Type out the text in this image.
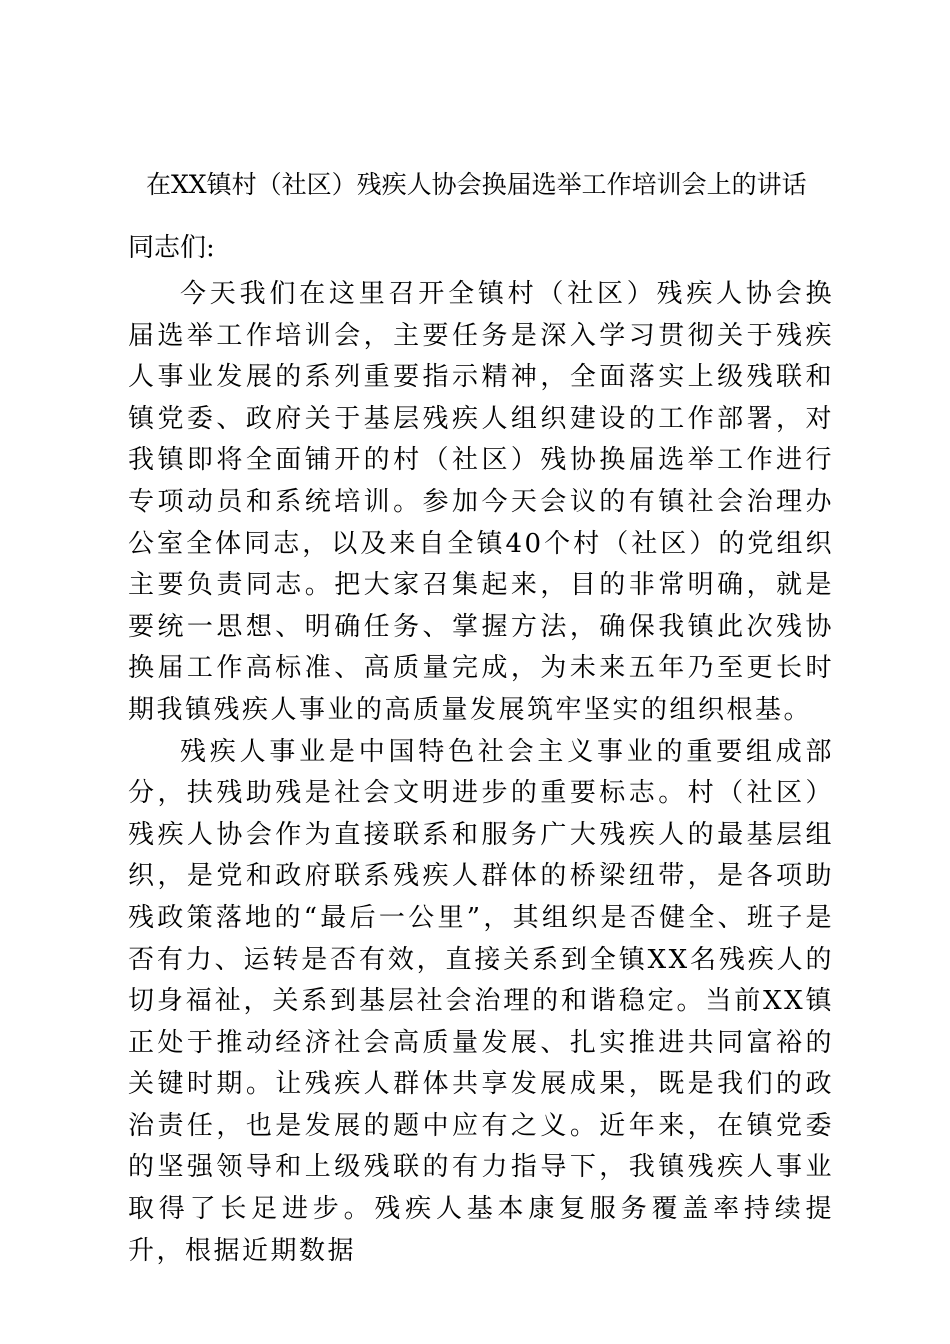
在XX镇村（社区）残疾人协会换届选举工作培训会上的讲话

同志们:

今天我们在这里召开全镇村（社区）残疾人协会换届选举工作培训会，主要任务是深入学习贯彻关于残疾人事业发展的系列重要指示精神，全面落实上级残联和镇党委、政府关于基层残疾人组织建设的工作部署，对我镇即将全面铺开的村（社区）残协换届选举工作进行专项动员和系统培训。参加今天会议的有镇社会治理办公室全体同志，以及来自全镇40个村（社区）的党组织主要负责同志。把大家召集起来，目的非常明确，就是要统一思想、明确任务、掌握方法，确保我镇此次残协换届工作高标准、高质量完成，为未来五年乃至更长时期我镇残疾人事业的高质量发展筑牢坚实的组织根基。

残疾人事业是中国特色社会主义事业的重要组成部分，扶残助残是社会文明进步的重要标志。村（社区）残疾人协会作为直接联系和服务广大残疾人的最基层组织，是党和政府联系残疾人群体的桥梁纽带，是各项助残政策落地的“最后一公里”，其组织是否健全、班子是否有力、运转是否有效，直接关系到全镇XX名残疾人的切身福祉，关系到基层社会治理的和谐稳定。当前XX镇正处于推动经济社会高质量发展、扎实推进共同富裕的关键时期。让残疾人群体共享发展成果，既是我们的政治责任，也是发展的题中应有之义。近年来，在镇党委的坚强领导和上级残联的有力指导下，我镇残疾人事业取得了长足进步。残疾人基本康复服务覆盖率持续提升，根据近期数据
